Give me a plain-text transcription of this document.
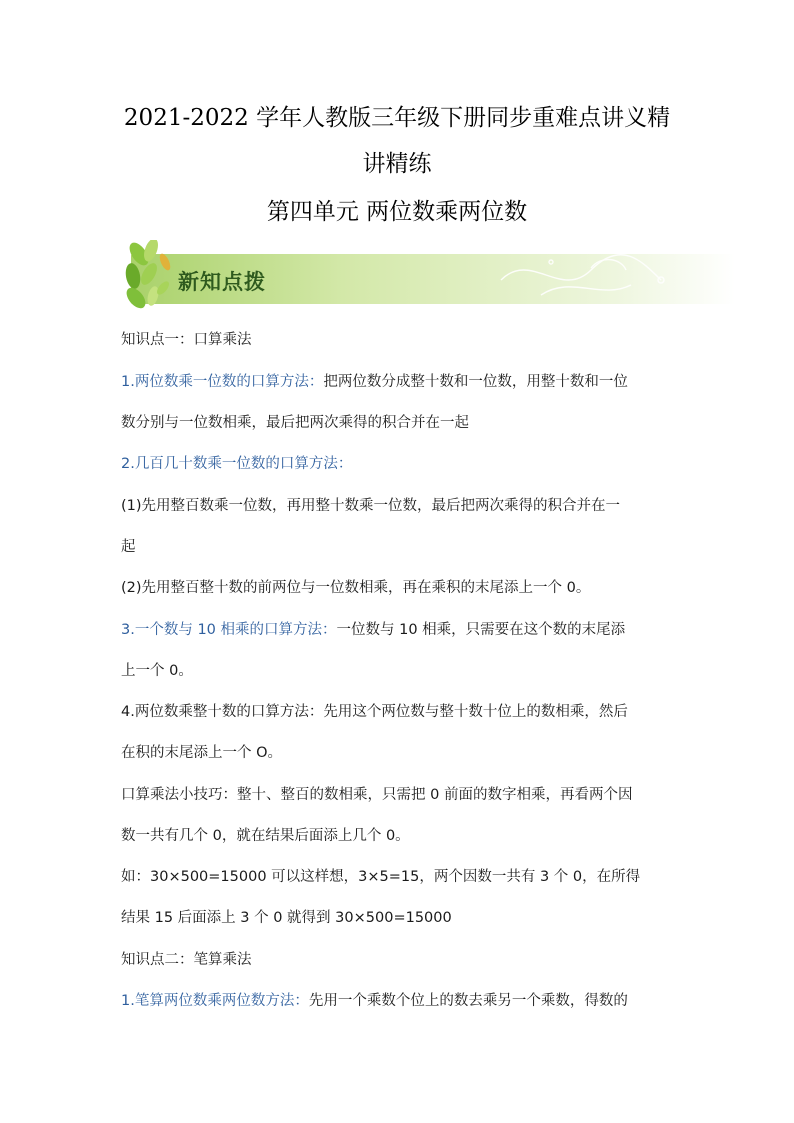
2021-2022 学年人教版三年级下册同步重难点讲义精
讲精练
第四单元 两位数乘两位数
新知点拨
知识点一：口算乘法
1.两位数乘一位数的口算方法：把两位数分成整十数和一位数，用整十数和一位
数分别与一位数相乘，最后把两次乘得的积合并在一起
2.几百几十数乘一位数的口算方法：
(1)先用整百数乘一位数，再用整十数乘一位数，最后把两次乘得的积合并在一
起
(2)先用整百整十数的前两位与一位数相乘，再在乘积的末尾添上一个 0。
3.一个数与 10 相乘的口算方法：一位数与 10 相乘，只需要在这个数的末尾添
上一个 0。
4.两位数乘整十数的口算方法：先用这个两位数与整十数十位上的数相乘，然后
在积的末尾添上一个 O。
口算乘法小技巧：整十、整百的数相乘，只需把 0 前面的数字相乘，再看两个因
数一共有几个 0，就在结果后面添上几个 0。
如：30×500=15000 可以这样想，3×5=15，两个因数一共有 3 个 0，在所得
结果 15 后面添上 3 个 0 就得到 30×500=15000
知识点二：笔算乘法
1.笔算两位数乘两位数方法：先用一个乘数个位上的数去乘另一个乘数，得数的
